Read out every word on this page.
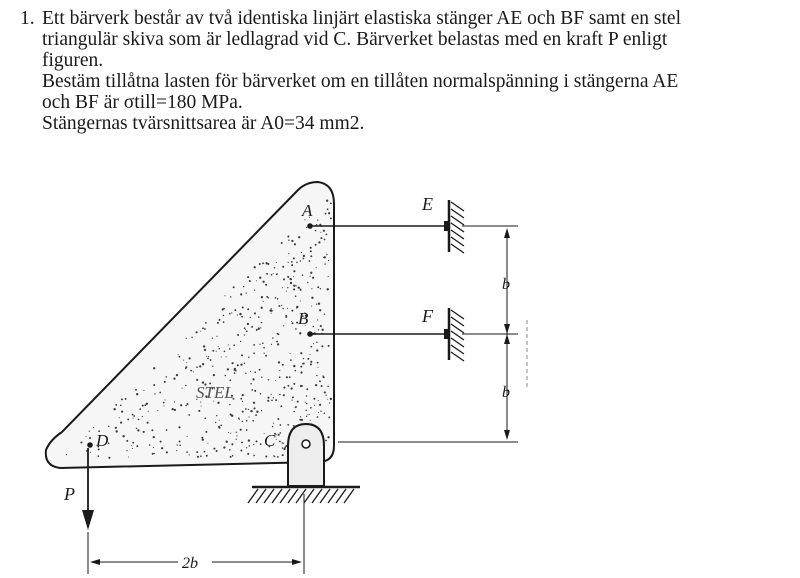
1. Ett bärverk består av två identiska linjärt elastiska stänger AE och BF samt en stel

triangulär skiva som är ledlagrad vid C. Bärverket belastas med en kraft P enligt

figuren.

Bestäm tillåtna lasten för bärverket om en tillåten normalspänning i stängerna AE

och BF är σtill=180 MPa.

Stängernas tvärsnittsarea är A0=34 mm2.

A
B
C
D
E
F
P
STEL
b
b
2b
